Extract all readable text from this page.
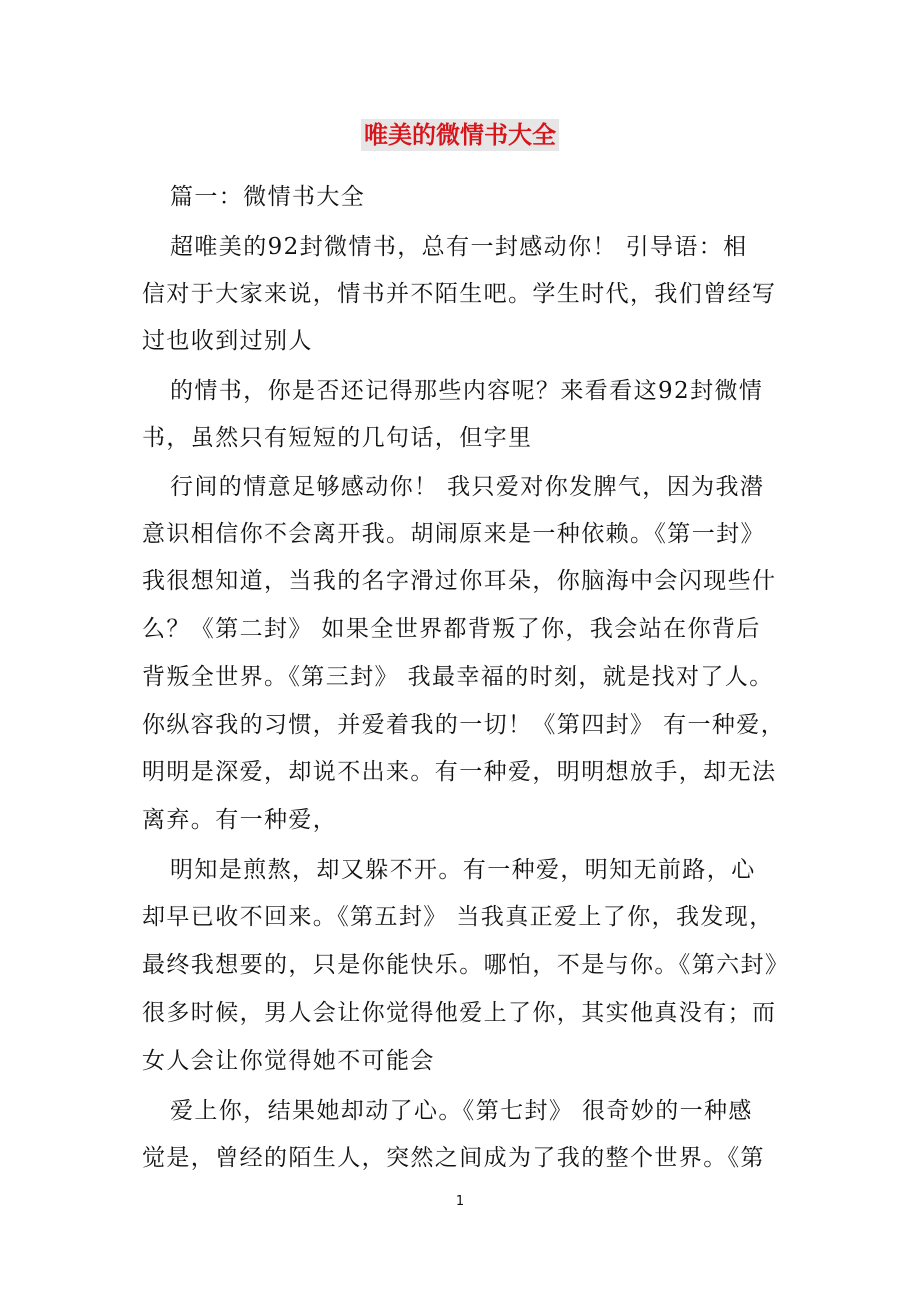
唯美的微情书大全
篇一：微情书大全
超唯美的92封微情书，总有一封感动你！ 引导语：相
信对于大家来说，情书并不陌生吧。学生时代，我们曾经写
过也收到过别人
的情书，你是否还记得那些内容呢？来看看这92封微情
书，虽然只有短短的几句话，但字里
行间的情意足够感动你！ 我只爱对你发脾气，因为我潜
意识相信你不会离开我。胡闹原来是一种依赖。《第一封》
我很想知道，当我的名字滑过你耳朵，你脑海中会闪现些什
么？《第二封》 如果全世界都背叛了你，我会站在你背后
背叛全世界。《第三封》 我最幸福的时刻，就是找对了人。
你纵容我的习惯，并爱着我的一切！《第四封》 有一种爱，
明明是深爱，却说不出来。有一种爱，明明想放手，却无法
离弃。有一种爱，
明知是煎熬，却又躲不开。有一种爱，明知无前路，心
却早已收不回来。《第五封》 当我真正爱上了你，我发现，
最终我想要的，只是你能快乐。哪怕，不是与你。《第六封》
很多时候，男人会让你觉得他爱上了你，其实他真没有；而
女人会让你觉得她不可能会
爱上你，结果她却动了心。《第七封》 很奇妙的一种感
觉是，曾经的陌生人，突然之间成为了我的整个世界。《第
1
